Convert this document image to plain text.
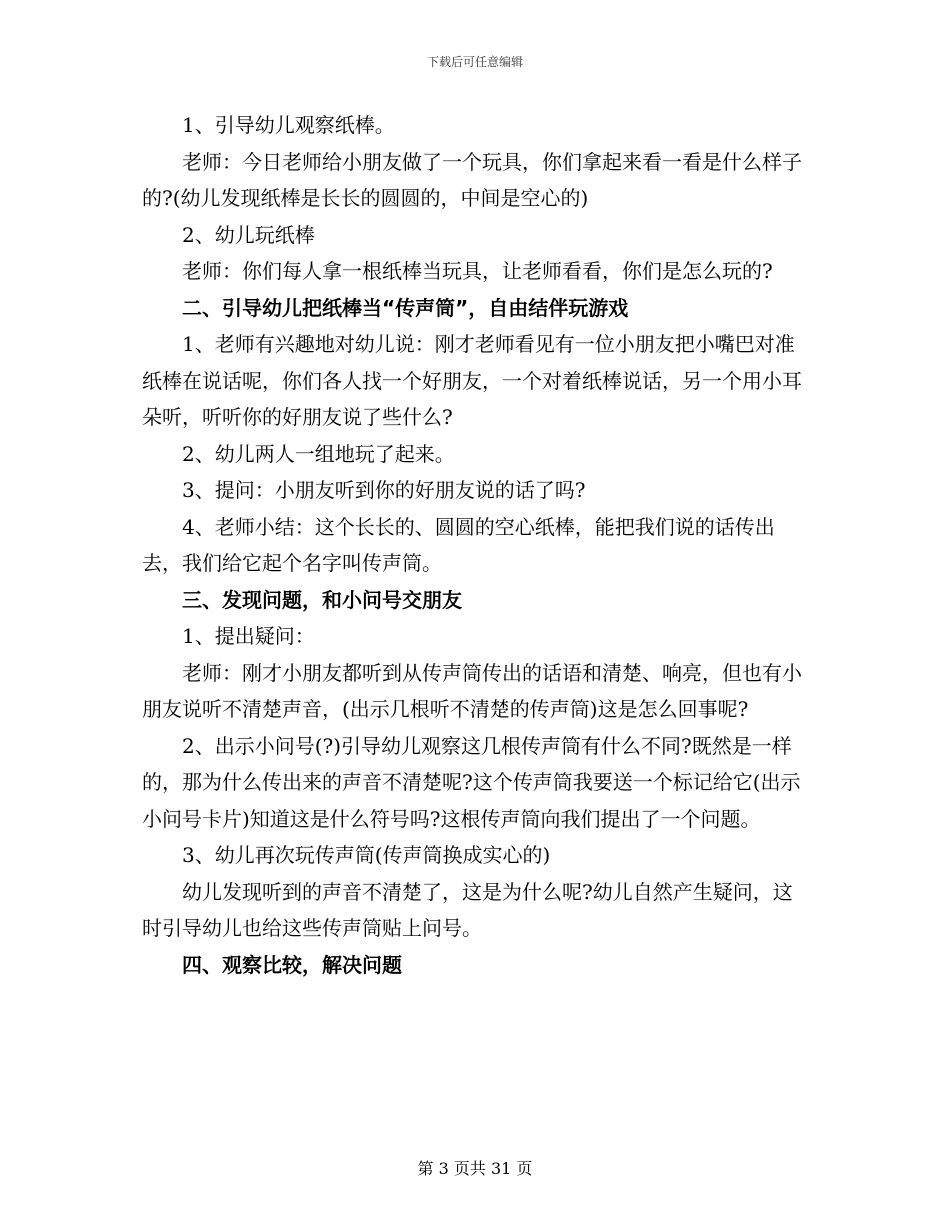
下载后可任意编辑

1、引导幼儿观察纸棒。

老师：今日老师给小朋友做了一个玩具，你们拿起来看一看是什么样子的?(幼儿发现纸棒是长长的圆圆的，中间是空心的)

2、幼儿玩纸棒

老师：你们每人拿一根纸棒当玩具，让老师看看，你们是怎么玩的?

二、引导幼儿把纸棒当“传声筒”，自由结伴玩游戏

1、老师有兴趣地对幼儿说：刚才老师看见有一位小朋友把小嘴巴对准纸棒在说话呢，你们各人找一个好朋友，一个对着纸棒说话，另一个用小耳朵听，听听你的好朋友说了些什么?

2、幼儿两人一组地玩了起来。

3、提问：小朋友听到你的好朋友说的话了吗?

4、老师小结：这个长长的、圆圆的空心纸棒，能把我们说的话传出去，我们给它起个名字叫传声筒。

三、发现问题，和小问号交朋友

1、提出疑问：

老师：刚才小朋友都听到从传声筒传出的话语和清楚、响亮，但也有小朋友说听不清楚声音，(出示几根听不清楚的传声筒)这是怎么回事呢?

2、出示小问号(?)引导幼儿观察这几根传声筒有什么不同?既然是一样的，那为什么传出来的声音不清楚呢?这个传声筒我要送一个标记给它(出示小问号卡片)知道这是什么符号吗?这根传声筒向我们提出了一个问题。

3、幼儿再次玩传声筒(传声筒换成实心的)

幼儿发现听到的声音不清楚了，这是为什么呢?幼儿自然产生疑问，这时引导幼儿也给这些传声筒贴上问号。

四、观察比较，解决问题

第 3 页共 31 页
